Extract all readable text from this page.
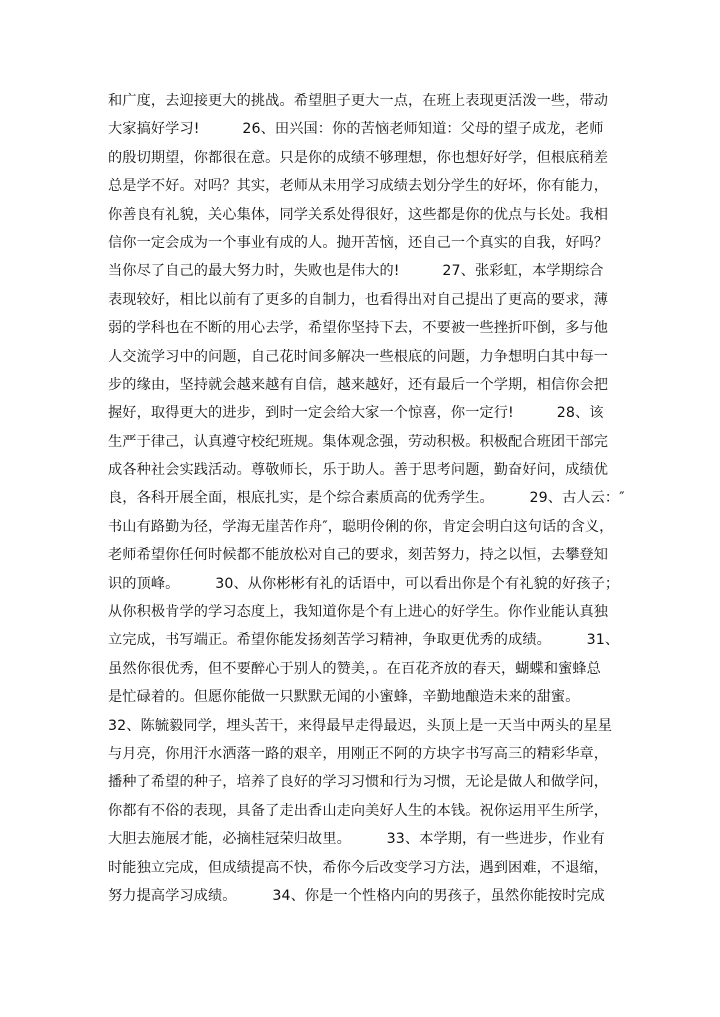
和广度，去迎接更大的挑战。希望胆子更大一点，在班上表现更活泼一些，带动
大家搞好学习!　　　26、田兴国：你的苦恼老师知道：父母的望子成龙，老师
的殷切期望，你都很在意。只是你的成绩不够理想，你也想好好学，但根底稍差
总是学不好。对吗？其实，老师从未用学习成绩去划分学生的好坏，你有能力，
你善良有礼貌，关心集体，同学关系处得很好，这些都是你的优点与长处。我相
信你一定会成为一个事业有成的人。抛开苦恼，还自己一个真实的自我，好吗？
当你尽了自己的最大努力时，失败也是伟大的!　　　27、张彩虹，本学期综合
表现较好，相比以前有了更多的自制力，也看得出对自己提出了更高的要求，薄
弱的学科也在不断的用心去学，希望你坚持下去，不要被一些挫折吓倒，多与他
人交流学习中的问题，自己花时间多解决一些根底的问题，力争想明白其中每一
步的缘由，坚持就会越来越有自信，越来越好，还有最后一个学期，相信你会把
握好，取得更大的进步，到时一定会给大家一个惊喜，你一定行!　　　28、该
生严于律己，认真遵守校纪班规。集体观念强，劳动积极。积极配合班团干部完
成各种社会实践活动。尊敬师长，乐于助人。善于思考问题，勤奋好问，成绩优
良，各科开展全面，根底扎实，是个综合素质高的优秀学生。　　　29、古人云：″
书山有路勤为径，学海无崖苦作舟″，聪明伶俐的你，肯定会明白这句话的含义，
老师希望你任何时候都不能放松对自己的要求，刻苦努力，持之以恒，去攀登知
识的顶峰。　　　30、从你彬彬有礼的话语中，可以看出你是个有礼貌的好孩子；
从你积极肯学的学习态度上，我知道你是个有上进心的好学生。你作业能认真独
立完成，书写端正。希望你能发扬刻苦学习精神，争取更优秀的成绩。　　　31、
虽然你很优秀，但不要醉心于别人的赞美，。在百花齐放的春天，蝴蝶和蜜蜂总
是忙碌着的。但愿你能做一只默默无闻的小蜜蜂，辛勤地酿造未来的甜蜜。
32、陈毓毅同学，埋头苦干，来得最早走得最迟，头顶上是一天当中两头的星星
与月亮，你用汗水洒落一路的艰辛，用刚正不阿的方块字书写高三的精彩华章，
播种了希望的种子，培养了良好的学习习惯和行为习惯，无论是做人和做学问，
你都有不俗的表现，具备了走出香山走向美好人生的本钱。祝你运用平生所学，
大胆去施展才能，必摘桂冠荣归故里。　　　33、本学期，有一些进步，作业有
时能独立完成，但成绩提高不快，希你今后改变学习方法，遇到困难，不退缩，
努力提高学习成绩。　　　34、你是一个性格内向的男孩子，虽然你能按时完成
